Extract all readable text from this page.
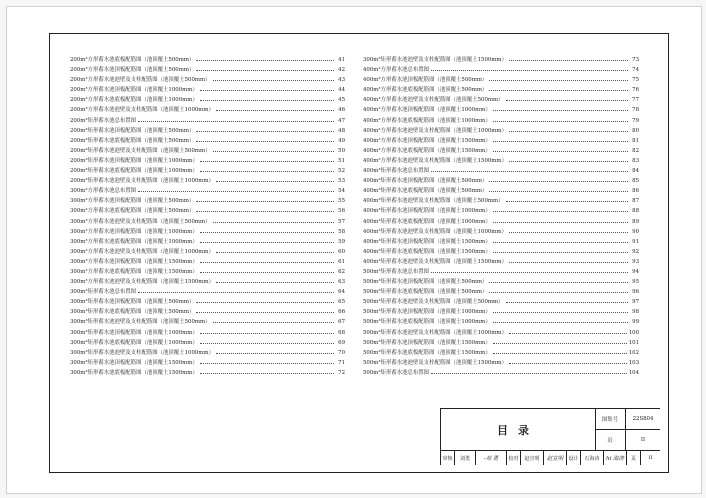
200m³方形蓄水池底板配筋图（池顶覆土500mm）	41
200m³方形蓄水池顶板配筋图（池顶覆土500mm）	42
200m³方形蓄水池池壁及支柱配筋图（池顶覆土500mm）	43
200m³方形蓄水池顶板配筋图（池顶覆土1000mm）	44
200m³方形蓄水池底板配筋图（池顶覆土1000mm）	45
200m³方形蓄水池池壁及支柱配筋图（池顶覆土1000mm）	46
200m³矩形蓄水池总布置图	47
200m³矩形蓄水池顶板配筋图（池顶覆土500mm）	48
200m³矩形蓄水池底板配筋图（池顶覆土500mm）	49
200m³矩形蓄水池池壁及支柱配筋图（池顶覆土500mm）	50
200m³矩形蓄水池顶板配筋图（池顶覆土1000mm）	51
200m³矩形蓄水池底板配筋图（池顶覆土1000mm）	52
200m³矩形蓄水池池壁及支柱配筋图（池顶覆土1000mm）	53
300m³方形蓄水池总布置图	54
300m³方形蓄水池顶板配筋图（池顶覆土500mm）	55
300m³方形蓄水池底板配筋图（池顶覆土500mm）	56
300m³方形蓄水池池壁及支柱配筋图（池顶覆土500mm）	57
300m³方形蓄水池顶板配筋图（池顶覆土1000mm）	58
300m³方形蓄水池底板配筋图（池顶覆土1000mm）	59
300m³方形蓄水池池壁及支柱配筋图（池顶覆土1000mm）	60
300m³方形蓄水池顶板配筋图（池顶覆土1500mm）	61
300m³方形蓄水池底板配筋图（池顶覆土1500mm）	62
300m³方形蓄水池池壁及支柱配筋图（池顶覆土1500mm）	63
300m³矩形蓄水池总布置图	64
300m³矩形蓄水池顶板配筋图（池顶覆土500mm）	65
300m³矩形蓄水池底板配筋图（池顶覆土500mm）	66
300m³矩形蓄水池池壁及支柱配筋图（池顶覆土500mm）	67
300m³矩形蓄水池顶板配筋图（池顶覆土1000mm）	68
300m³矩形蓄水池底板配筋图（池顶覆土1000mm）	69
300m³矩形蓄水池池壁及支柱配筋图（池顶覆土1000mm）	70
300m³矩形蓄水池顶板配筋图（池顶覆土1500mm）	71
300m³矩形蓄水池底板配筋图（池顶覆土1500mm）	72
300m³矩形蓄水池池壁及支柱配筋图（池顶覆土1500mm）	73
400m³方形蓄水池总布置图	74
400m³方形蓄水池顶板配筋图（池顶覆土500mm）	75
400m³方形蓄水池底板配筋图（池顶覆土500mm）	76
400m³方形蓄水池池壁及支柱配筋图（池顶覆土500mm）	77
400m³方形蓄水池顶板配筋图（池顶覆土1000mm）	78
400m³方形蓄水池底板配筋图（池顶覆土1000mm）	79
400m³方形蓄水池池壁及支柱配筋图（池顶覆土1000mm）	80
400m³方形蓄水池顶板配筋图（池顶覆土1500mm）	81
400m³方形蓄水池底板配筋图（池顶覆土1500mm）	82
400m³方形蓄水池池壁及支柱配筋图（池顶覆土1500mm）	83
400m³矩形蓄水池总布置图	84
400m³矩形蓄水池顶板配筋图（池顶覆土500mm）	85
400m³矩形蓄水池底板配筋图（池顶覆土500mm）	86
400m³矩形蓄水池池壁及支柱配筋图（池顶覆土500mm）	87
400m³矩形蓄水池顶板配筋图（池顶覆土1000mm）	88
400m³矩形蓄水池底板配筋图（池顶覆土1000mm）	89
400m³矩形蓄水池池壁及支柱配筋图（池顶覆土1000mm）	90
400m³矩形蓄水池顶板配筋图（池顶覆土1500mm）	91
400m³矩形蓄水池底板配筋图（池顶覆土1500mm）	92
400m³矩形蓄水池池壁及支柱配筋图（池顶覆土1500mm）	93
500m³矩形蓄水池总布置图	94
500m³矩形蓄水池顶板配筋图（池顶覆土500mm）	95
500m³矩形蓄水池底板配筋图（池顶覆土500mm）	96
500m³矩形蓄水池池壁及支柱配筋图（池顶覆土500mm）	97
500m³矩形蓄水池顶板配筋图（池顶覆土1000mm）	98
500m³矩形蓄水池底板配筋图（池顶覆土1000mm）	99
500m³矩形蓄水池池壁及支柱配筋图（池顶覆土1000mm）	100
500m³矩形蓄水池顶板配筋图（池顶覆土1500mm）	101
500m³矩形蓄水池底板配筋图（池顶覆土1500mm）	102
500m³矩形蓄水池池壁及支柱配筋图（池顶覆土1500mm）	103
500m³矩形蓄水池总布置图	104
目录
图集号	22S804
页	II
审核	刘勇	-刘 勇	校对	赵宣明	赵宣明	设计	石海涛	hi 海涛	页	II
